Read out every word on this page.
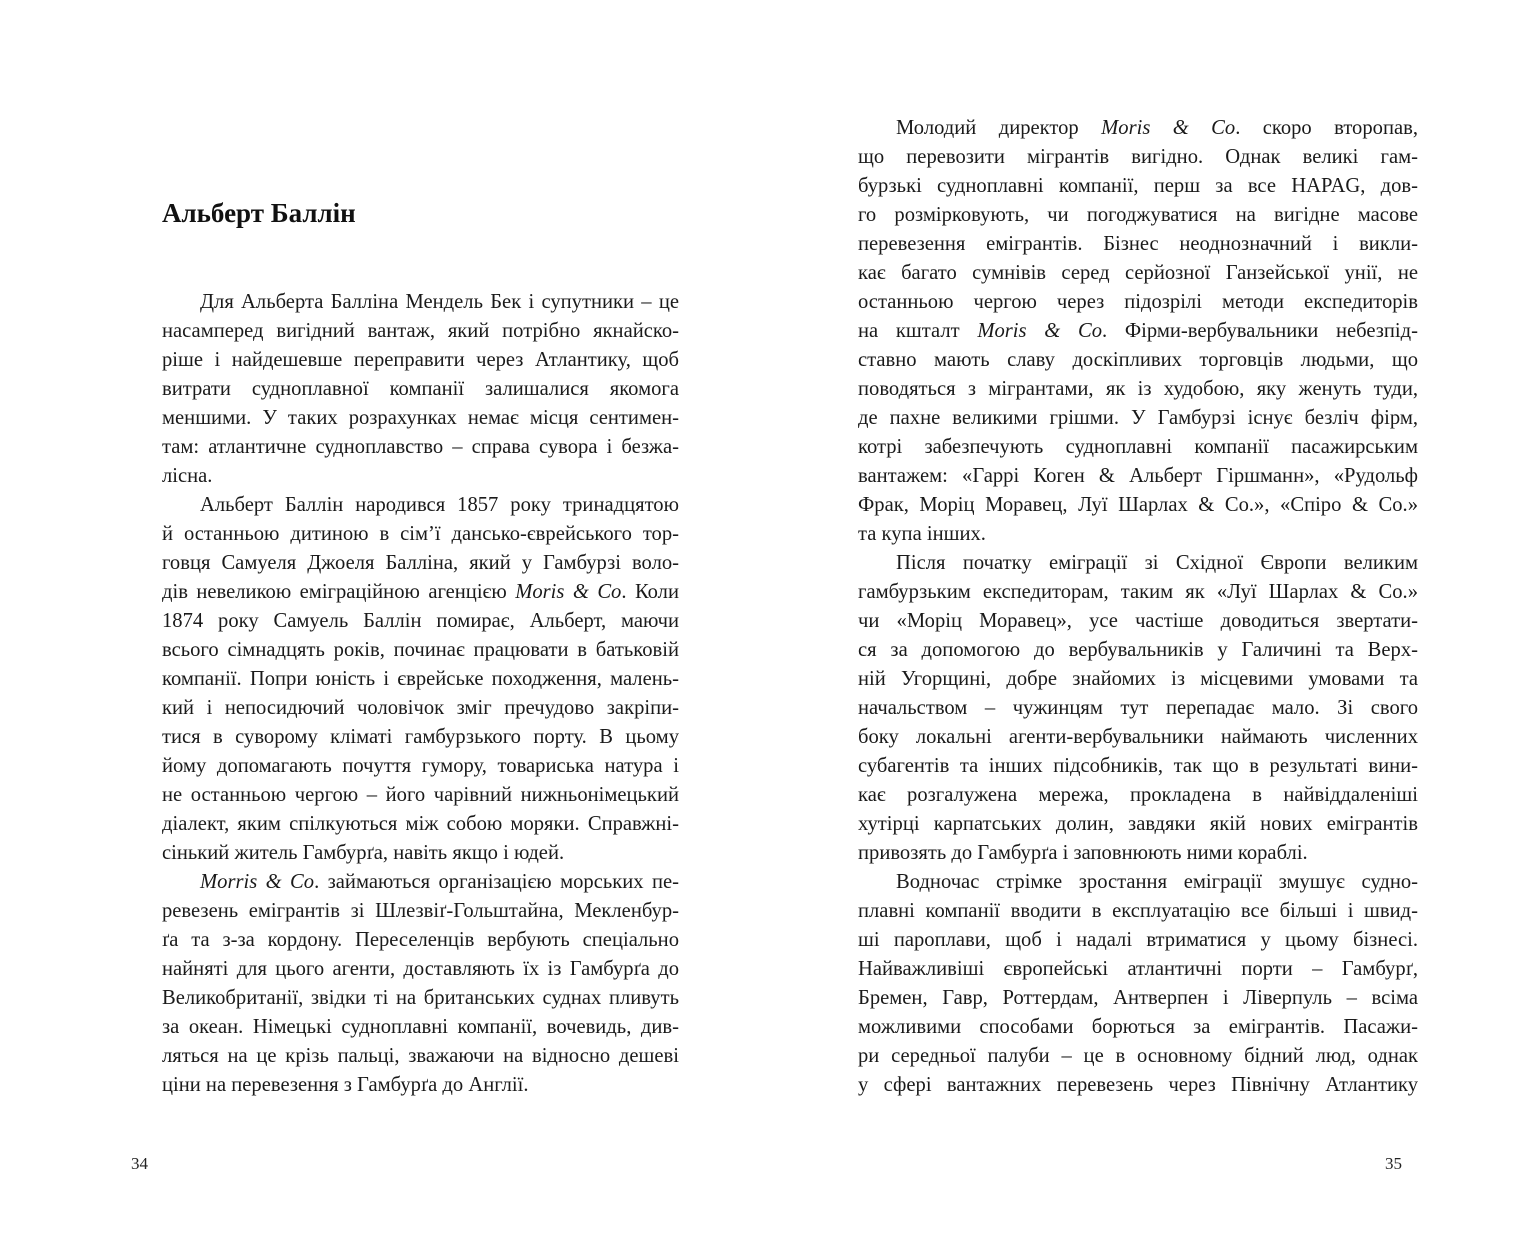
Альберт Баллін
Для Альберта Балліна Мендель Бек і супутники – це
насамперед вигідний вантаж, який потрібно якнайско-
ріше і найдешевше переправити через Атлантику, щоб
витрати судноплавної компанії залишалися якомога
меншими. У таких розрахунках немає місця сентимен-
там: атлантичне судноплавство – справа сувора і безжа-
лісна.
Альберт Баллін народився 1857 року тринадцятою
й останньою дитиною в сім’ї дансько-єврейського тор-
говця Самуеля Джоеля Балліна, який у Гамбурзі воло-
дів невеликою еміграційною агенцією Moris & Co. Коли
1874 року Самуель Баллін помирає, Альберт, маючи
всього сімнадцять років, починає працювати в батьковій
компанії. Попри юність і єврейське походження, малень-
кий і непосидючий чоловічок зміг пречудово закріпи-
тися в суворому кліматі гамбурзького порту. В цьому
йому допомагають почуття гумору, товариська натура і
не останньою чергою – його чарівний нижньонімецький
діалект, яким спілкуються між собою моряки. Справжні-
сінький житель Гамбурґа, навіть якщо і юдей.
Morris & Co. займаються організацією морських пе-
ревезень емігрантів зі Шлезвіґ-Гольштайна, Мекленбур-
ґа та з-за кордону. Переселенців вербують спеціально
найняті для цього агенти, доставляють їх із Гамбурґа до
Великобританії, звідки ті на британських суднах пливуть
за океан. Німецькі судноплавні компанії, вочевидь, див-
ляться на це крізь пальці, зважаючи на відносно дешеві
ціни на перевезення з Гамбурґа до Англії.
34
Молодий директор Moris & Co. скоро второпав,
що перевозити мігрантів вигідно. Однак великі гам-
бурзькі судноплавні компанії, перш за все HAPAG, дов-
го розмірковують, чи погоджуватися на вигідне масове
перевезення емігрантів. Бізнес неоднозначний і викли-
кає багато сумнівів серед серйозної Ганзейської унії, не
останньою чергою через підозрілі методи експедиторів
на кшталт Moris & Co. Фірми-вербувальники небезпід-
ставно мають славу доскіпливих торговців людьми, що
поводяться з мігрантами, як із худобою, яку женуть туди,
де пахне великими грішми. У Гамбурзі існує безліч фірм,
котрі забезпечують судноплавні компанії пасажирським
вантажем: «Гаррі Коген & Альберт Гіршманн», «Рудольф
Фрак, Моріц Моравец, Луї Шарлах & Co.», «Спіро & Co.»
та купа інших.
Після початку еміграції зі Східної Європи великим
гамбурзьким експедиторам, таким як «Луї Шарлах & Co.»
чи «Моріц Моравец», усе частіше доводиться звертати-
ся за допомогою до вербувальників у Галичині та Верх-
ній Угорщині, добре знайомих із місцевими умовами та
начальством – чужинцям тут перепадає мало. Зі свого
боку локальні агенти-вербувальники наймають численних
субагентів та інших підсобників, так що в результаті вини-
кає розгалужена мережа, прокладена в найвіддаленіші
хутірці карпатських долин, завдяки якій нових емігрантів
привозять до Гамбурґа і заповнюють ними кораблі.
Водночас стрімке зростання еміграції змушує судно-
плавні компанії вводити в експлуатацію все більші і швид-
ші пароплави, щоб і надалі втриматися у цьому бізнесі.
Найважливіші європейські атлантичні порти – Гамбурґ,
Бремен, Гавр, Роттердам, Антверпен і Ліверпуль – всіма
можливими способами борються за емігрантів. Пасажи-
ри середньої палуби – це в основному бідний люд, однак
у сфері вантажних перевезень через Північну Атлантику
35
